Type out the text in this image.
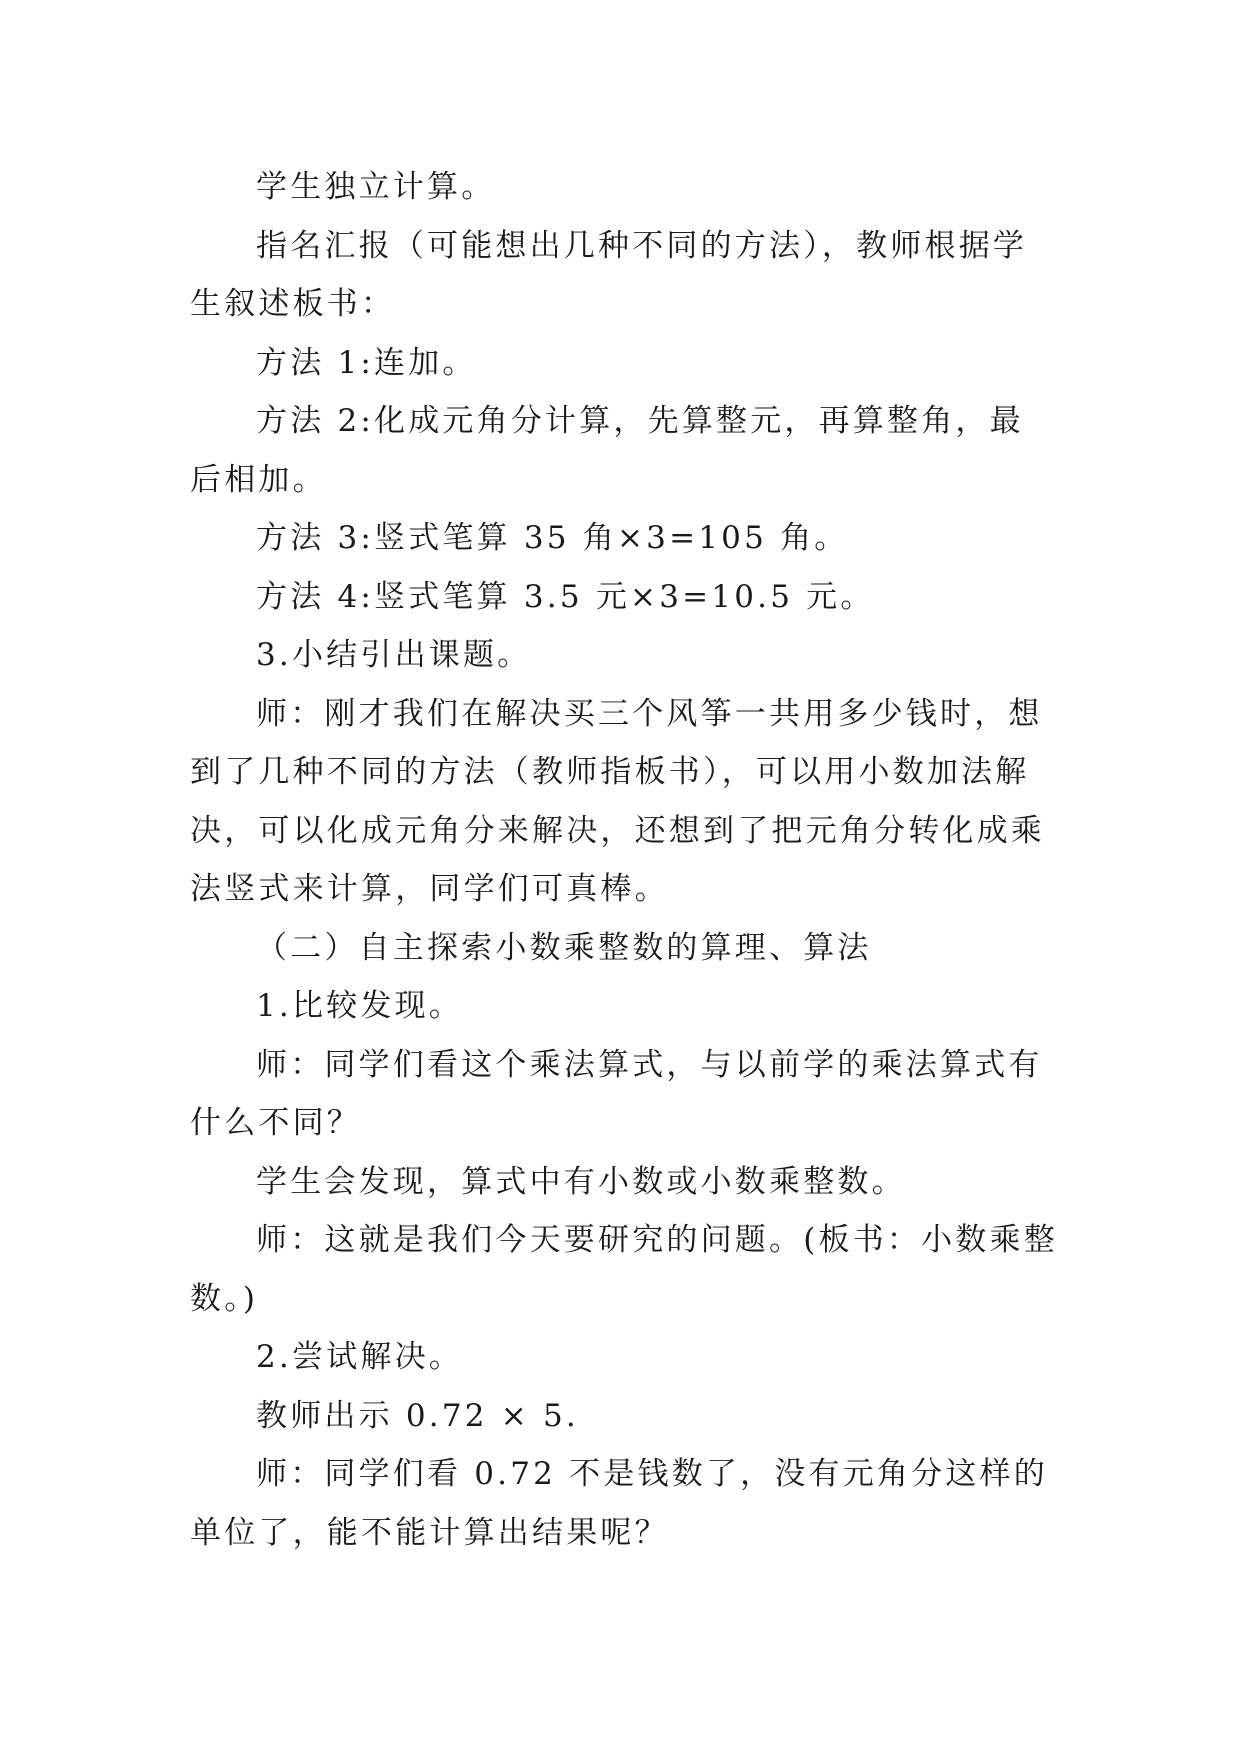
学生独立计算。

指名汇报（可能想出几种不同的方法），教师根据学生叙述板书：

方法 1:连加。

方法 2:化成元角分计算，先算整元，再算整角，最后相加。

方法 3:竖式笔算 35 角×3=105 角。

方法 4:竖式笔算 3.5 元×3=10.5 元。

3.小结引出课题。

师：刚才我们在解决买三个风筝一共用多少钱时，想到了几种不同的方法（教师指板书），可以用小数加法解决，可以化成元角分来解决，还想到了把元角分转化成乘法竖式来计算，同学们可真棒。

（二）自主探索小数乘整数的算理、算法

1.比较发现。

师：同学们看这个乘法算式，与以前学的乘法算式有什么不同？

学生会发现，算式中有小数或小数乘整数。

师：这就是我们今天要研究的问题。(板书：小数乘整数。)

2.尝试解决。

教师出示 0.72 × 5.

师：同学们看 0.72 不是钱数了，没有元角分这样的单位了，能不能计算出结果呢？
